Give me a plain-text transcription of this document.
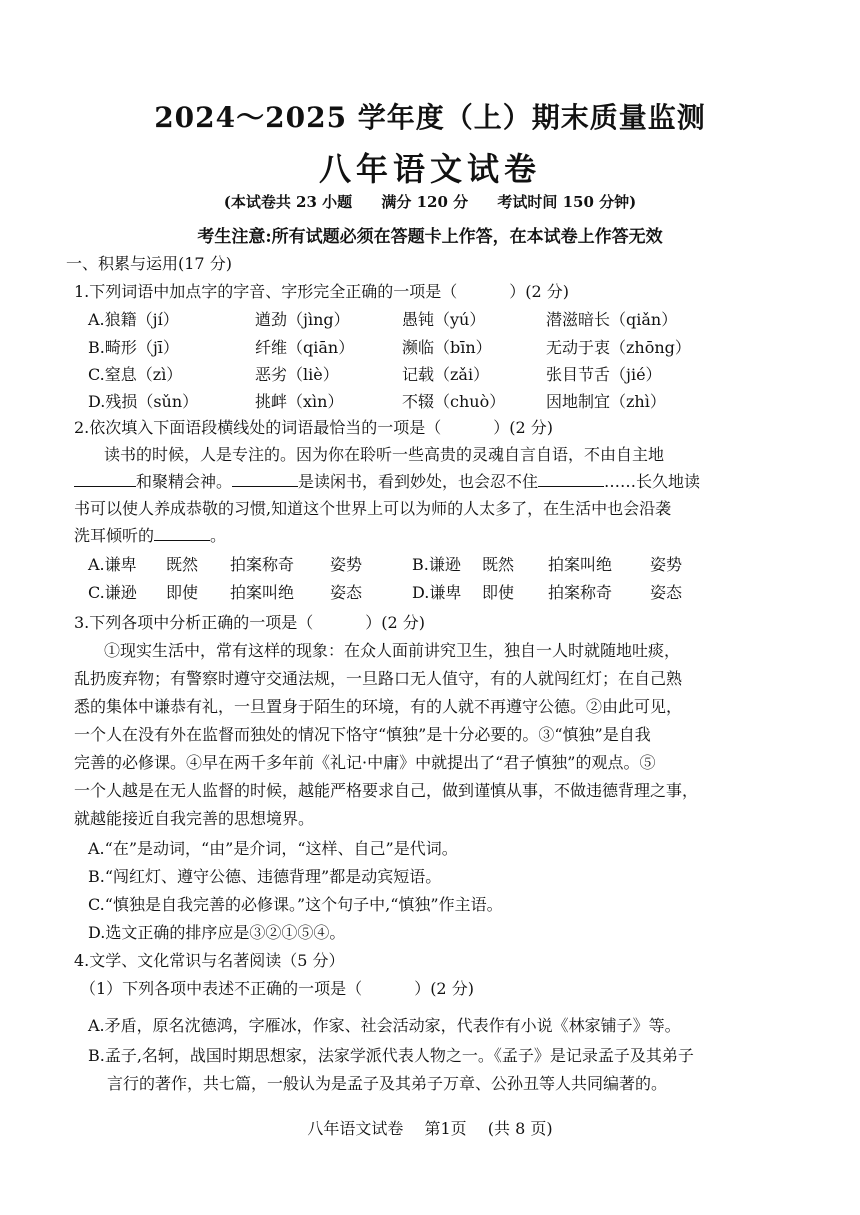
2024～2025 学年度（上）期末质量监测
八年语文试卷
(本试卷共 23 小题 满分 120 分 考试时间 150 分钟)
考生注意:所有试题必须在答题卡上作答，在本试卷上作答无效
一、积累与运用(17 分)
1.下列词语中加点字的字音、字形完全正确的一项是（	）(2 分)
A.狼籍（jí）	遒劲（jìng）	愚钝（yú）	潜滋暗长（qiǎn）
B.畸形（jī）	纤维（qiān）	濒临（bīn）	无动于衷（zhōng）
C.窒息（zì）	恶劣（liè）	记载（zǎi）	张目节舌（jié）
D.残损（sǔn）	挑衅（xìn）	不辍（chuò）	因地制宜（zhì）
2.依次填入下面语段横线处的词语最恰当的一项是（	）(2 分)
读书的时候，人是专注的。因为你在聆听一些高贵的灵魂自言自语，不由自主地
和聚精会神。	是读闲书，看到妙处，也会忍不住	……长久地读
书可以使人养成恭敬的习惯,知道这个世界上可以为师的人太多了，在生活中也会沿袭
洗耳倾听的	。
A.谦卑 既然 拍案称奇 姿势	B.谦逊 既然 拍案叫绝 姿势
C.谦逊 即使 拍案叫绝 姿态	D.谦卑 即使 拍案称奇 姿态
3.下列各项中分析正确的一项是（	）(2 分)
①现实生活中，常有这样的现象：在众人面前讲究卫生，独自一人时就随地吐痰，
乱扔废弃物；有警察时遵守交通法规，一旦路口无人值守，有的人就闯红灯；在自己熟
悉的集体中谦恭有礼，一旦置身于陌生的环境，有的人就不再遵守公德。②由此可见，
一个人在没有外在监督而独处的情况下恪守“慎独”是十分必要的。③“慎独”是自我
完善的必修课。④早在两千多年前《礼记·中庸》中就提出了“君子慎独”的观点。⑤
一个人越是在无人监督的时候，越能严格要求自己，做到谨慎从事，不做违德背理之事，
就越能接近自我完善的思想境界。
A.“在”是动词，“由”是介词，“这样、自己”是代词。
B.“闯红灯、遵守公德、违德背理”都是动宾短语。
C.“慎独是自我完善的必修课。”这个句子中,“慎独”作主语。
D.选文正确的排序应是③②①⑤④。
4.文学、文化常识与名著阅读（5 分）
（1）下列各项中表述不正确的一项是（	）(2 分)
A.矛盾，原名沈德鸿，字雁冰，作家、社会活动家，代表作有小说《林家铺子》等。
B.孟子,名轲，战国时期思想家，法家学派代表人物之一。《孟子》是记录孟子及其弟子
言行的著作，共七篇，一般认为是孟子及其弟子万章、公孙丑等人共同编著的。
八年语文试卷 第1页 (共 8 页)
